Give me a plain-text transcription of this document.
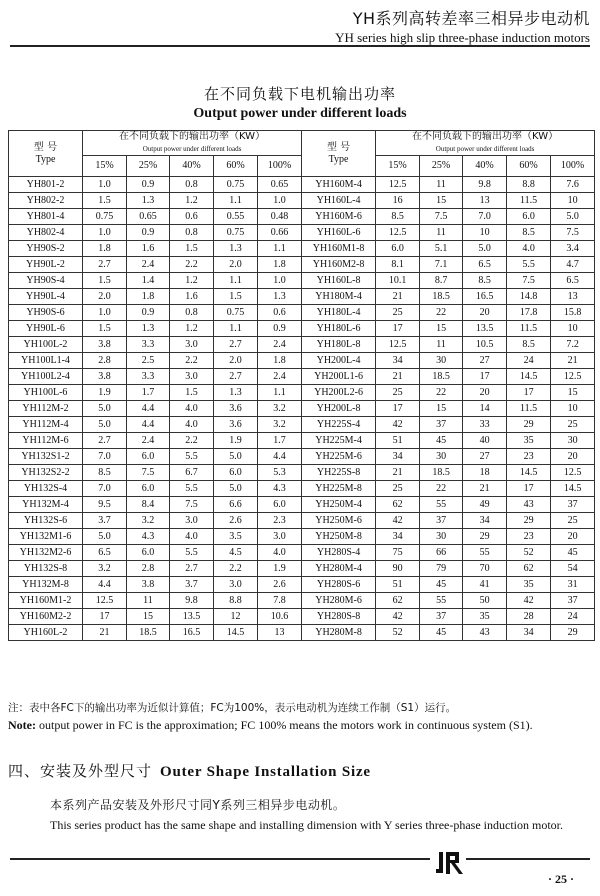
YH系列高转差率三相异步电动机
YH series high slip three-phase induction motors
在不同负载下电机输出功率
Output power under different loads
型 号
Type	在不同负载下的输出功率（KW）
Output power under different loads					型 号
Type	在不同负载下的输出功率（KW）
Output power under different loads				

	15%	25%	40%	60%	100%		15%	25%	40%	60%	100%
YH801-2	1.0	0.9	0.8	0.75	0.65	YH160M-4	12.5	11	9.8	8.8	7.6
YH802-2	1.5	1.3	1.2	1.1	1.0	YH160L-4	16	15	13	11.5	10
YH801-4	0.75	0.65	0.6	0.55	0.48	YH160M-6	8.5	7.5	7.0	6.0	5.0
YH802-4	1.0	0.9	0.8	0.75	0.66	YH160L-6	12.5	11	10	8.5	7.5
YH90S-2	1.8	1.6	1.5	1.3	1.1	YH160M1-8	6.0	5.1	5.0	4.0	3.4
YH90L-2	2.7	2.4	2.2	2.0	1.8	YH160M2-8	8.1	7.1	6.5	5.5	4.7
YH90S-4	1.5	1.4	1.2	1.1	1.0	YH160L-8	10.1	8.7	8.5	7.5	6.5
YH90L-4	2.0	1.8	1.6	1.5	1.3	YH180M-4	21	18.5	16.5	14.8	13
YH90S-6	1.0	0.9	0.8	0.75	0.6	YH180L-4	25	22	20	17.8	15.8
YH90L-6	1.5	1.3	1.2	1.1	0.9	YH180L-6	17	15	13.5	11.5	10
YH100L-2	3.8	3.3	3.0	2.7	2.4	YH180L-8	12.5	11	10.5	8.5	7.2
YH100L1-4	2.8	2.5	2.2	2.0	1.8	YH200L-4	34	30	27	24	21
YH100L2-4	3.8	3.3	3.0	2.7	2.4	YH200L1-6	21	18.5	17	14.5	12.5
YH100L-6	1.9	1.7	1.5	1.3	1.1	YH200L2-6	25	22	20	17	15
YH112M-2	5.0	4.4	4.0	3.6	3.2	YH200L-8	17	15	14	11.5	10
YH112M-4	5.0	4.4	4.0	3.6	3.2	YH225S-4	42	37	33	29	25
YH112M-6	2.7	2.4	2.2	1.9	1.7	YH225M-4	51	45	40	35	30
YH132S1-2	7.0	6.0	5.5	5.0	4.4	YH225M-6	34	30	27	23	20
YH132S2-2	8.5	7.5	6.7	6.0	5.3	YH225S-8	21	18.5	18	14.5	12.5
YH132S-4	7.0	6.0	5.5	5.0	4.3	YH225M-8	25	22	21	17	14.5
YH132M-4	9.5	8.4	7.5	6.6	6.0	YH250M-4	62	55	49	43	37
YH132S-6	3.7	3.2	3.0	2.6	2.3	YH250M-6	42	37	34	29	25
YH132M1-6	5.0	4.3	4.0	3.5	3.0	YH250M-8	34	30	29	23	20
YH132M2-6	6.5	6.0	5.5	4.5	4.0	YH280S-4	75	66	55	52	45
YH132S-8	3.2	2.8	2.7	2.2	1.9	YH280M-4	90	79	70	62	54
YH132M-8	4.4	3.8	3.7	3.0	2.6	YH280S-6	51	45	41	35	31
YH160M1-2	12.5	11	9.8	8.8	7.8	YH280M-6	62	55	50	42	37
YH160M2-2	17	15	13.5	12	10.6	YH280S-8	42	37	35	28	24
YH160L-2	21	18.5	16.5	14.5	13	YH280M-8	52	45	43	34	29
注：表中各FC下的输出功率为近似计算值；FC为100%，表示电动机为连续工作制（S1）运行。
Note: output power in FC is the approximation; FC 100% means the motors work in continuous system (S1).
四、安装及外型尺寸 Outer Shape Installation Size
本系列产品安装及外形尺寸同Y系列三相异步电动机。
This series product has the same shape and installing dimension with Y series three-phase induction motor.
· 25 ·
